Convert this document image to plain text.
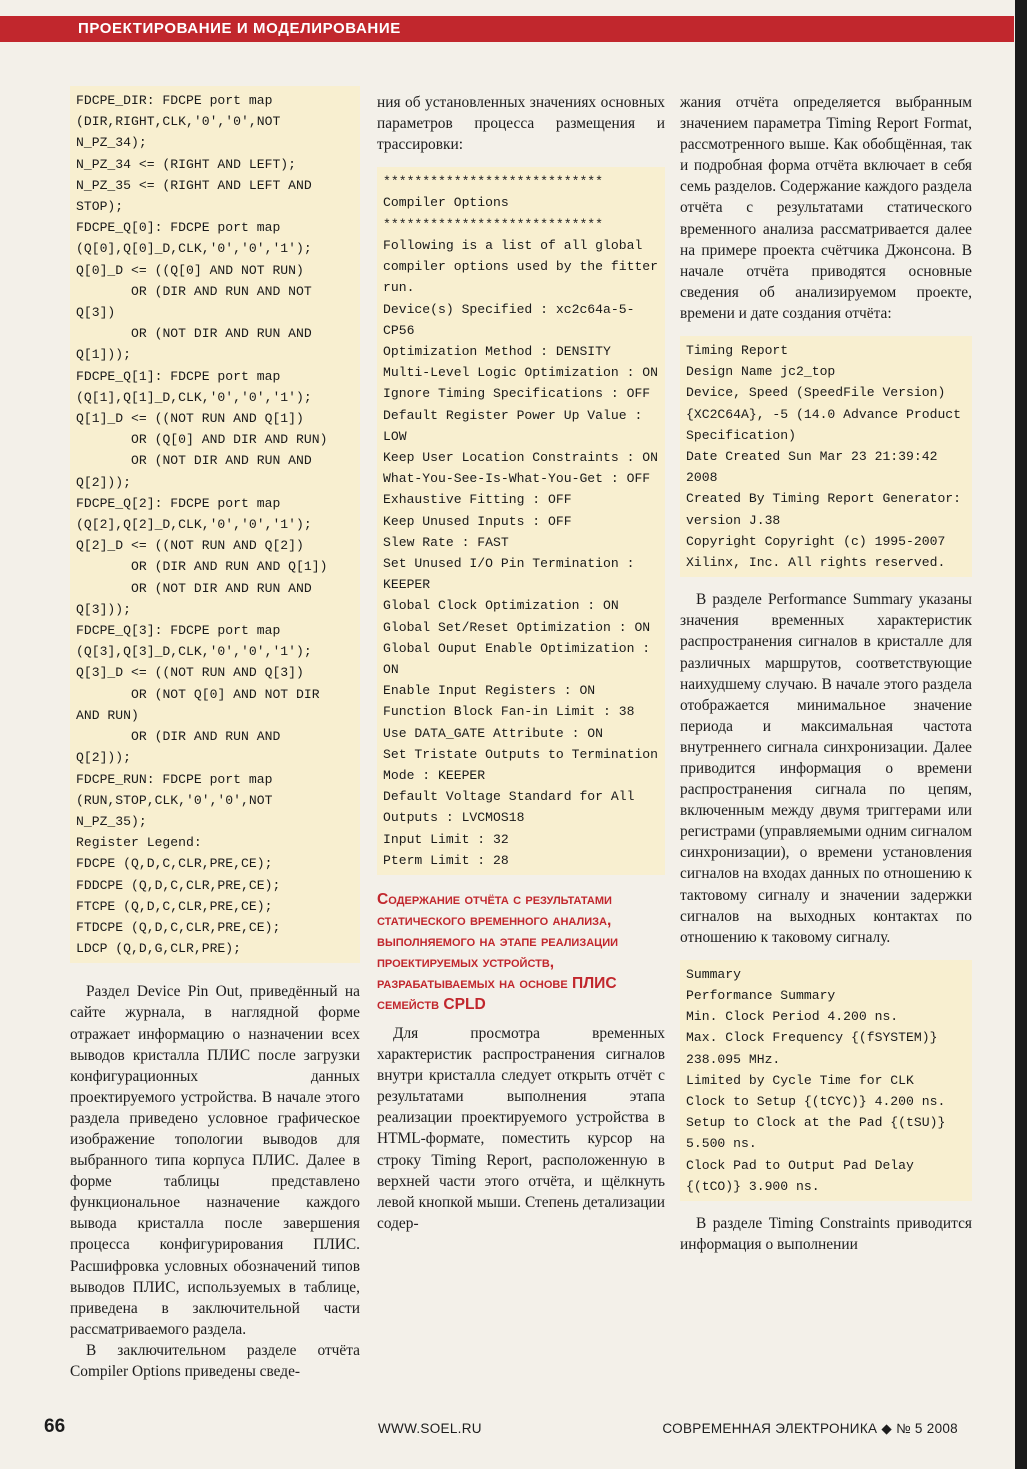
ПРОЕКТИРОВАНИЕ И МОДЕЛИРОВАНИЕ
FDCPE_DIR: FDCPE port map
(DIR,RIGHT,CLK,'0','0',NOT
N_PZ_34);
N_PZ_34 <= (RIGHT AND LEFT);
N_PZ_35 <= (RIGHT AND LEFT AND
STOP);
FDCPE_Q[0]: FDCPE port map
(Q[0],Q[0]_D,CLK,'0','0','1');
Q[0]_D <= ((Q[0] AND NOT RUN)
OR (DIR AND RUN AND NOT
Q[3])
OR (NOT DIR AND RUN AND
Q[1]));
FDCPE_Q[1]: FDCPE port map
(Q[1],Q[1]_D,CLK,'0','0','1');
Q[1]_D <= ((NOT RUN AND Q[1])
OR (Q[0] AND DIR AND RUN)
OR (NOT DIR AND RUN AND
Q[2]));
FDCPE_Q[2]: FDCPE port map
(Q[2],Q[2]_D,CLK,'0','0','1');
Q[2]_D <= ((NOT RUN AND Q[2])
OR (DIR AND RUN AND Q[1])
OR (NOT DIR AND RUN AND
Q[3]));
FDCPE_Q[3]: FDCPE port map
(Q[3],Q[3]_D,CLK,'0','0','1');
Q[3]_D <= ((NOT RUN AND Q[3])
OR (NOT Q[0] AND NOT DIR
AND RUN)
OR (DIR AND RUN AND
Q[2]));
FDCPE_RUN: FDCPE port map
(RUN,STOP,CLK,'0','0',NOT
N_PZ_35);
Register Legend:
FDCPE (Q,D,C,CLR,PRE,CE);
FDDCPE (Q,D,C,CLR,PRE,CE);
FTCPE (Q,D,C,CLR,PRE,CE);
FTDCPE (Q,D,C,CLR,PRE,CE);
LDCP (Q,D,G,CLR,PRE);

Раздел Device Pin Out, приведённый на сайте журнала, в наглядной форме отражает информацию о назначении всех выводов кристалла ПЛИС после загрузки конфигурационных данных проектируемого устройства. В начале этого раздела приведено условное графическое изображение топологии выводов для выбранного типа корпуса ПЛИС. Далее в форме таблицы представлено функциональное назначение каждого вывода кристалла после завершения процесса конфигурирования ПЛИС. Расшифровка условных обозначений типов выводов ПЛИС, используемых в таблице, приведена в заключительной части рассматриваемого раздела.

В заключительном разделе отчёта Compiler Options приведены сведе-

ния об установленных значениях основных параметров процесса размещения и трассировки:

****************************
Compiler Options
****************************
Following is a list of all global compiler options used by the fitter run.
Device(s) Specified : xc2c64a-5-CP56
Optimization Method : DENSITY
Multi-Level Logic Optimization : ON
Ignore Timing Specifications : OFF
Default Register Power Up Value : LOW
Keep User Location Constraints : ON
What-You-See-Is-What-You-Get : OFF
Exhaustive Fitting : OFF
Keep Unused Inputs : OFF
Slew Rate : FAST
Set Unused I/O Pin Termination : KEEPER
Global Clock Optimization : ON
Global Set/Reset Optimization : ON
Global Ouput Enable Optimization : ON
Enable Input Registers : ON
Function Block Fan-in Limit : 38
Use DATA_GATE Attribute : ON
Set Tristate Outputs to Termination Mode : KEEPER
Default Voltage Standard for All Outputs : LVCMOS18
Input Limit : 32
Pterm Limit : 28
Содержание отчёта с результатами статического временного анализа, выполняемого на этапе реализации проектируемых устройств, разрабатываемых на основе ПЛИС семейств CPLD

Для просмотра временных характеристик распространения сигналов внутри кристалла следует открыть отчёт с результатами выполнения этапа реализации проектируемого устройства в HTML-формате, поместить курсор на строку Timing Report, расположенную в верхней части этого отчёта, и щёлкнуть левой кнопкой мыши. Степень детализации содер-

жания отчёта определяется выбранным значением параметра Timing Report Format, рассмотренного выше. Как обобщённая, так и подробная форма отчёта включает в себя семь разделов. Содержание каждого раздела отчёта с результатами статического временного анализа рассматривается далее на примере проекта счётчика Джонсона. В начале отчёта приводятся основные сведения об анализируемом проекте, времени и дате создания отчёта:

Timing Report
Design Name jc2_top
Device, Speed (SpeedFile Version) {XC2C64A}, -5 (14.0 Advance Product Specification)
Date Created Sun Mar 23 21:39:42 2008
Created By Timing Report Generator: version J.38
Copyright Copyright (c) 1995-2007 Xilinx, Inc. All rights reserved.

В разделе Performance Summary указаны значения временных характеристик распространения сигналов в кристалле для различных маршрутов, соответствующие наихудшему случаю. В начале этого раздела отображается минимальное значение периода и максимальная частота внутреннего сигнала синхронизации. Далее приводится информация о времени распространения сигнала по цепям, включенным между двумя триггерами или регистрами (управляемыми одним сигналом синхронизации), о времени установления сигналов на входах данных по отношению к тактовому сигналу и значении задержки сигналов на выходных контактах по отношению к таковому сигналу.

Summary
Performance Summary
Min. Clock Period 4.200 ns.
Max. Clock Frequency {(fSYSTEM)} 238.095 MHz.
Limited by Cycle Time for CLK
Clock to Setup {(tCYC)} 4.200 ns.
Setup to Clock at the Pad {(tSU)} 5.500 ns.
Clock Pad to Output Pad Delay {(tCO)} 3.900 ns.

В разделе Timing Constraints приводится информация о выполнении

66	WWW.SOEL.RU	СОВРЕМЕННАЯ ЭЛЕКТРОНИКА ◆ № 5 2008
